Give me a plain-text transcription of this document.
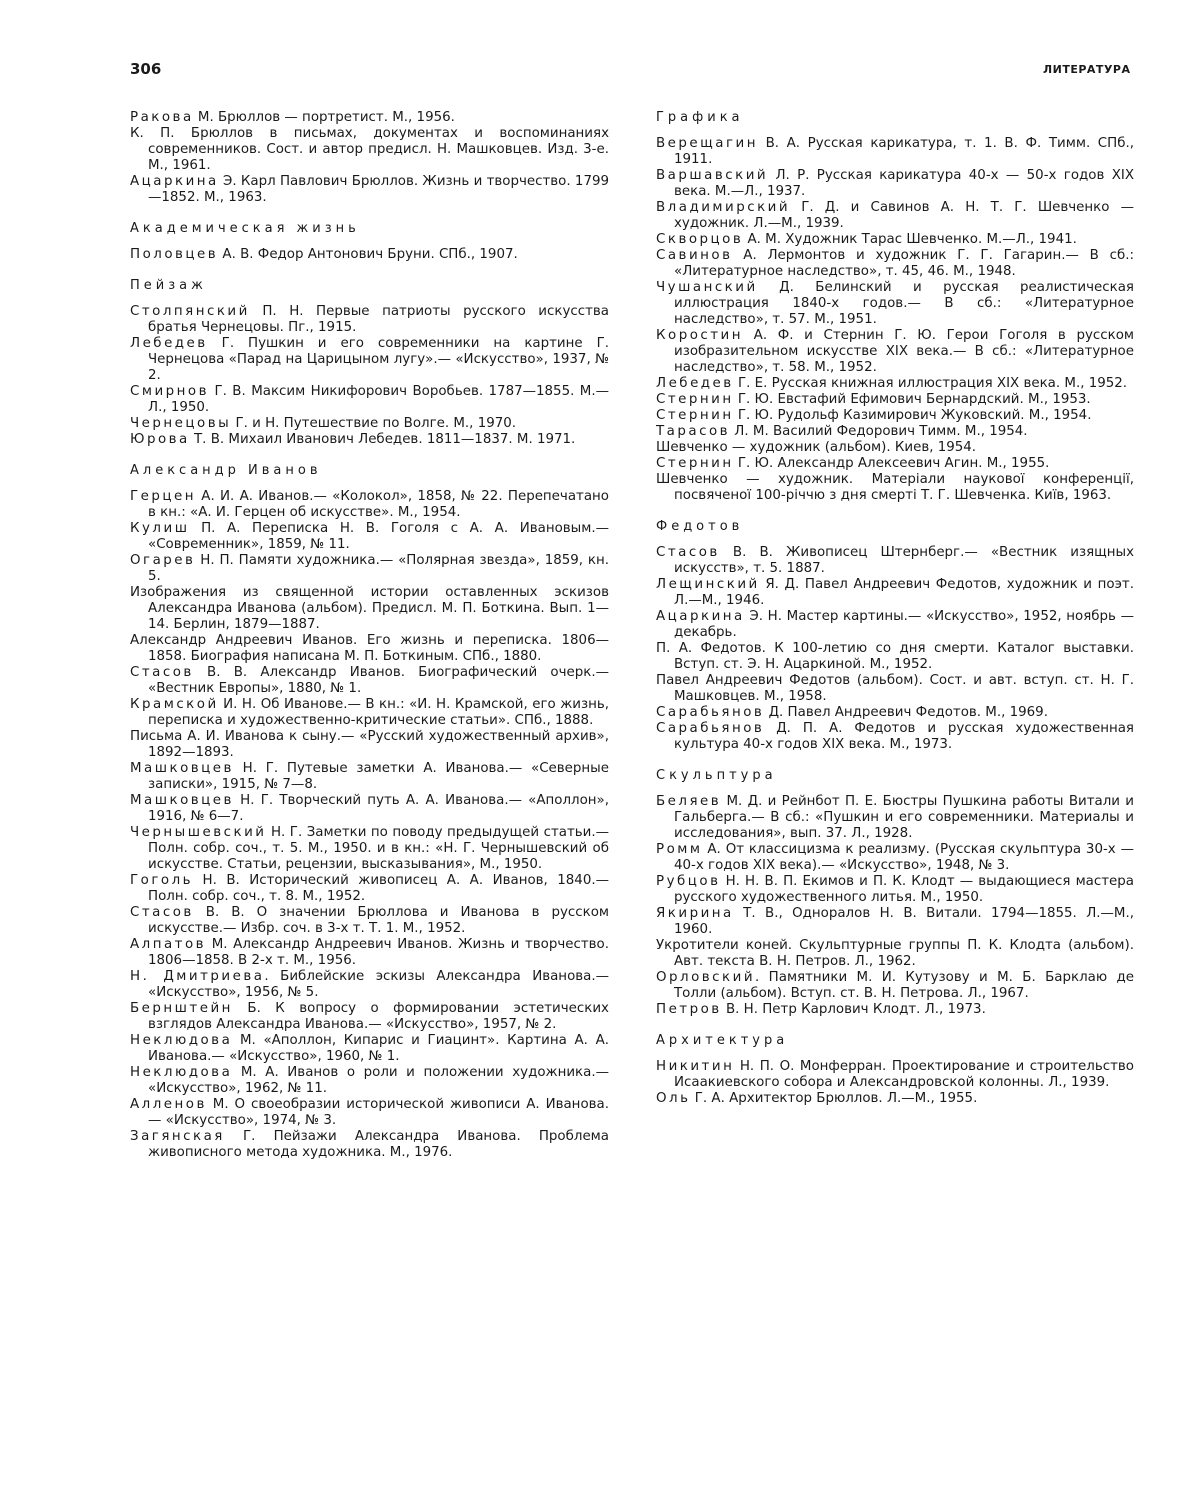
306	ЛИТЕРАТУРА

Ракова М. Брюллов — портретист. М., 1956.

К. П. Брюллов в письмах, документах и воспоминаниях современников. Сост. и автор предисл. Н. Машковцев. Изд. 3-е. М., 1961.

Ацаркина Э. Карл Павлович Брюллов. Жизнь и творчество. 1799—1852. М., 1963.

Академическая жизнь

Половцев А. В. Федор Антонович Бруни. СПб., 1907.

Пейзаж

Столпянский П. Н. Первые патриоты русского искусства братья Чернецовы. Пг., 1915.

Лебедев Г. Пушкин и его современники на картине Г. Чернецова «Парад на Царицыном лугу».— «Искусство», 1937, № 2.

Смирнов Г. В. Максим Никифорович Воробьев. 1787—1855. М.—Л., 1950.

Чернецовы Г. и Н. Путешествие по Волге. М., 1970.

Юрова Т. В. Михаил Иванович Лебедев. 1811—1837. М. 1971.

Александр Иванов

Герцен А. И. А. Иванов.— «Колокол», 1858, № 22. Перепечатано в кн.: «А. И. Герцен об искусстве». М., 1954.

Кулиш П. А. Переписка Н. В. Гоголя с А. А. Ивановым.— «Современник», 1859, № 11.

Огарев Н. П. Памяти художника.— «Полярная звезда», 1859, кн. 5.

Изображения из священной истории оставленных эскизов Александра Иванова (альбом). Предисл. М. П. Боткина. Вып. 1—14. Берлин, 1879—1887.

Александр Андреевич Иванов. Его жизнь и переписка. 1806—1858. Биография написана М. П. Боткиным. СПб., 1880.

Стасов В. В. Александр Иванов. Биографический очерк.— «Вестник Европы», 1880, № 1.

Крамской И. Н. Об Иванове.— В кн.: «И. Н. Крамской, его жизнь, переписка и художественно-критические статьи». СПб., 1888.

Письма А. И. Иванова к сыну.— «Русский художественный архив», 1892—1893.

Машковцев Н. Г. Путевые заметки А. Иванова.— «Северные записки», 1915, № 7—8.

Машковцев Н. Г. Творческий путь А. А. Иванова.— «Аполлон», 1916, № 6—7.

Чернышевский Н. Г. Заметки по поводу предыдущей статьи.— Полн. собр. соч., т. 5. М., 1950. и в кн.: «Н. Г. Чернышевский об искусстве. Статьи, рецензии, высказывания», М., 1950.

Гоголь Н. В. Исторический живописец А. А. Иванов, 1840.— Полн. собр. соч., т. 8. М., 1952.

Стасов В. В. О значении Брюллова и Иванова в русском искусстве.— Избр. соч. в 3-х т. Т. 1. М., 1952.

Алпатов М. Александр Андреевич Иванов. Жизнь и творчество. 1806—1858. В 2-х т. М., 1956.

Н. Дмитриева. Библейские эскизы Александра Иванова.— «Искусство», 1956, № 5.

Бернштейн Б. К вопросу о формировании эстетических взглядов Александра Иванова.— «Искусство», 1957, № 2.

Неклюдова М. «Аполлон, Кипарис и Гиацинт». Картина А. А. Иванова.— «Искусство», 1960, № 1.

Неклюдова М. А. Иванов о роли и положении художника.— «Искусство», 1962, № 11.

Алленов М. О своеобразии исторической живописи А. Иванова.— «Искусство», 1974, № 3.

Загянская Г. Пейзажи Александра Иванова. Проблема живописного метода художника. М., 1976.

Графика

Верещагин В. А. Русская карикатура, т. 1. В. Ф. Тимм. СПб., 1911.

Варшавский Л. Р. Русская карикатура 40-х — 50-х годов XIX века. М.—Л., 1937.

Владимирский Г. Д. и Савинов А. Н. Т. Г. Шевченко — художник. Л.—М., 1939.

Скворцов А. М. Художник Тарас Шевченко. М.—Л., 1941.

Савинов А. Лермонтов и художник Г. Г. Гагарин.— В сб.: «Литературное наследство», т. 45, 46. М., 1948.

Чушанский Д. Белинский и русская реалистическая иллюстрация 1840-х годов.— В сб.: «Литературное наследство», т. 57. М., 1951.

Коростин А. Ф. и Стернин Г. Ю. Герои Гоголя в русском изобразительном искусстве XIX века.— В сб.: «Литературное наследство», т. 58. М., 1952.

Лебедев Г. Е. Русская книжная иллюстрация XIX века. М., 1952.

Стернин Г. Ю. Евстафий Ефимович Бернардский. М., 1953.

Стернин Г. Ю. Рудольф Казимирович Жуковский. М., 1954.

Тарасов Л. М. Василий Федорович Тимм. М., 1954.

Шевченко — художник (альбом). Киев, 1954.

Стернин Г. Ю. Александр Алексеевич Агин. М., 1955.

Шевченко — художник. Матеріали наукової конференції, посвяченої 100-річчю з дня смерті Т. Г. Шевченка. Київ, 1963.

Федотов

Стасов В. В. Живописец Штернберг.— «Вестник изящных искусств», т. 5. 1887.

Лещинский Я. Д. Павел Андреевич Федотов, художник и поэт. Л.—М., 1946.

Ацаркина Э. Н. Мастер картины.— «Искусство», 1952, ноябрь — декабрь.

П. А. Федотов. К 100-летию со дня смерти. Каталог выставки. Вступ. ст. Э. Н. Ацаркиной. М., 1952.

Павел Андреевич Федотов (альбом). Сост. и авт. вступ. ст. Н. Г. Машковцев. М., 1958.

Сарабьянов Д. Павел Андреевич Федотов. М., 1969.

Сарабьянов Д. П. А. Федотов и русская художественная культура 40-х годов XIX века. М., 1973.

Скульптура

Беляев М. Д. и Рейнбот П. Е. Бюстры Пушкина работы Витали и Гальберга.— В сб.: «Пушкин и его современники. Материалы и исследования», вып. 37. Л., 1928.

Ромм А. От классицизма к реализму. (Русская скульптура 30-х — 40-х годов XIX века).— «Искусство», 1948, № 3.

Рубцов Н. Н. В. П. Екимов и П. К. Клодт — выдающиеся мастера русского художественного литья. М., 1950.

Якирина Т. В., Одноралов Н. В. Витали. 1794—1855. Л.—М., 1960.

Укротители коней. Скульптурные группы П. К. Клодта (альбом). Авт. текста В. Н. Петров. Л., 1962.

Орловский. Памятники М. И. Кутузову и М. Б. Барклаю де Толли (альбом). Вступ. ст. В. Н. Петрова. Л., 1967.

Петров В. Н. Петр Карлович Клодт. Л., 1973.

Архитектура

Никитин Н. П. О. Монферран. Проектирование и строительство Исаакиевского собора и Александровской колонны. Л., 1939.

Оль Г. А. Архитектор Брюллов. Л.—М., 1955.
